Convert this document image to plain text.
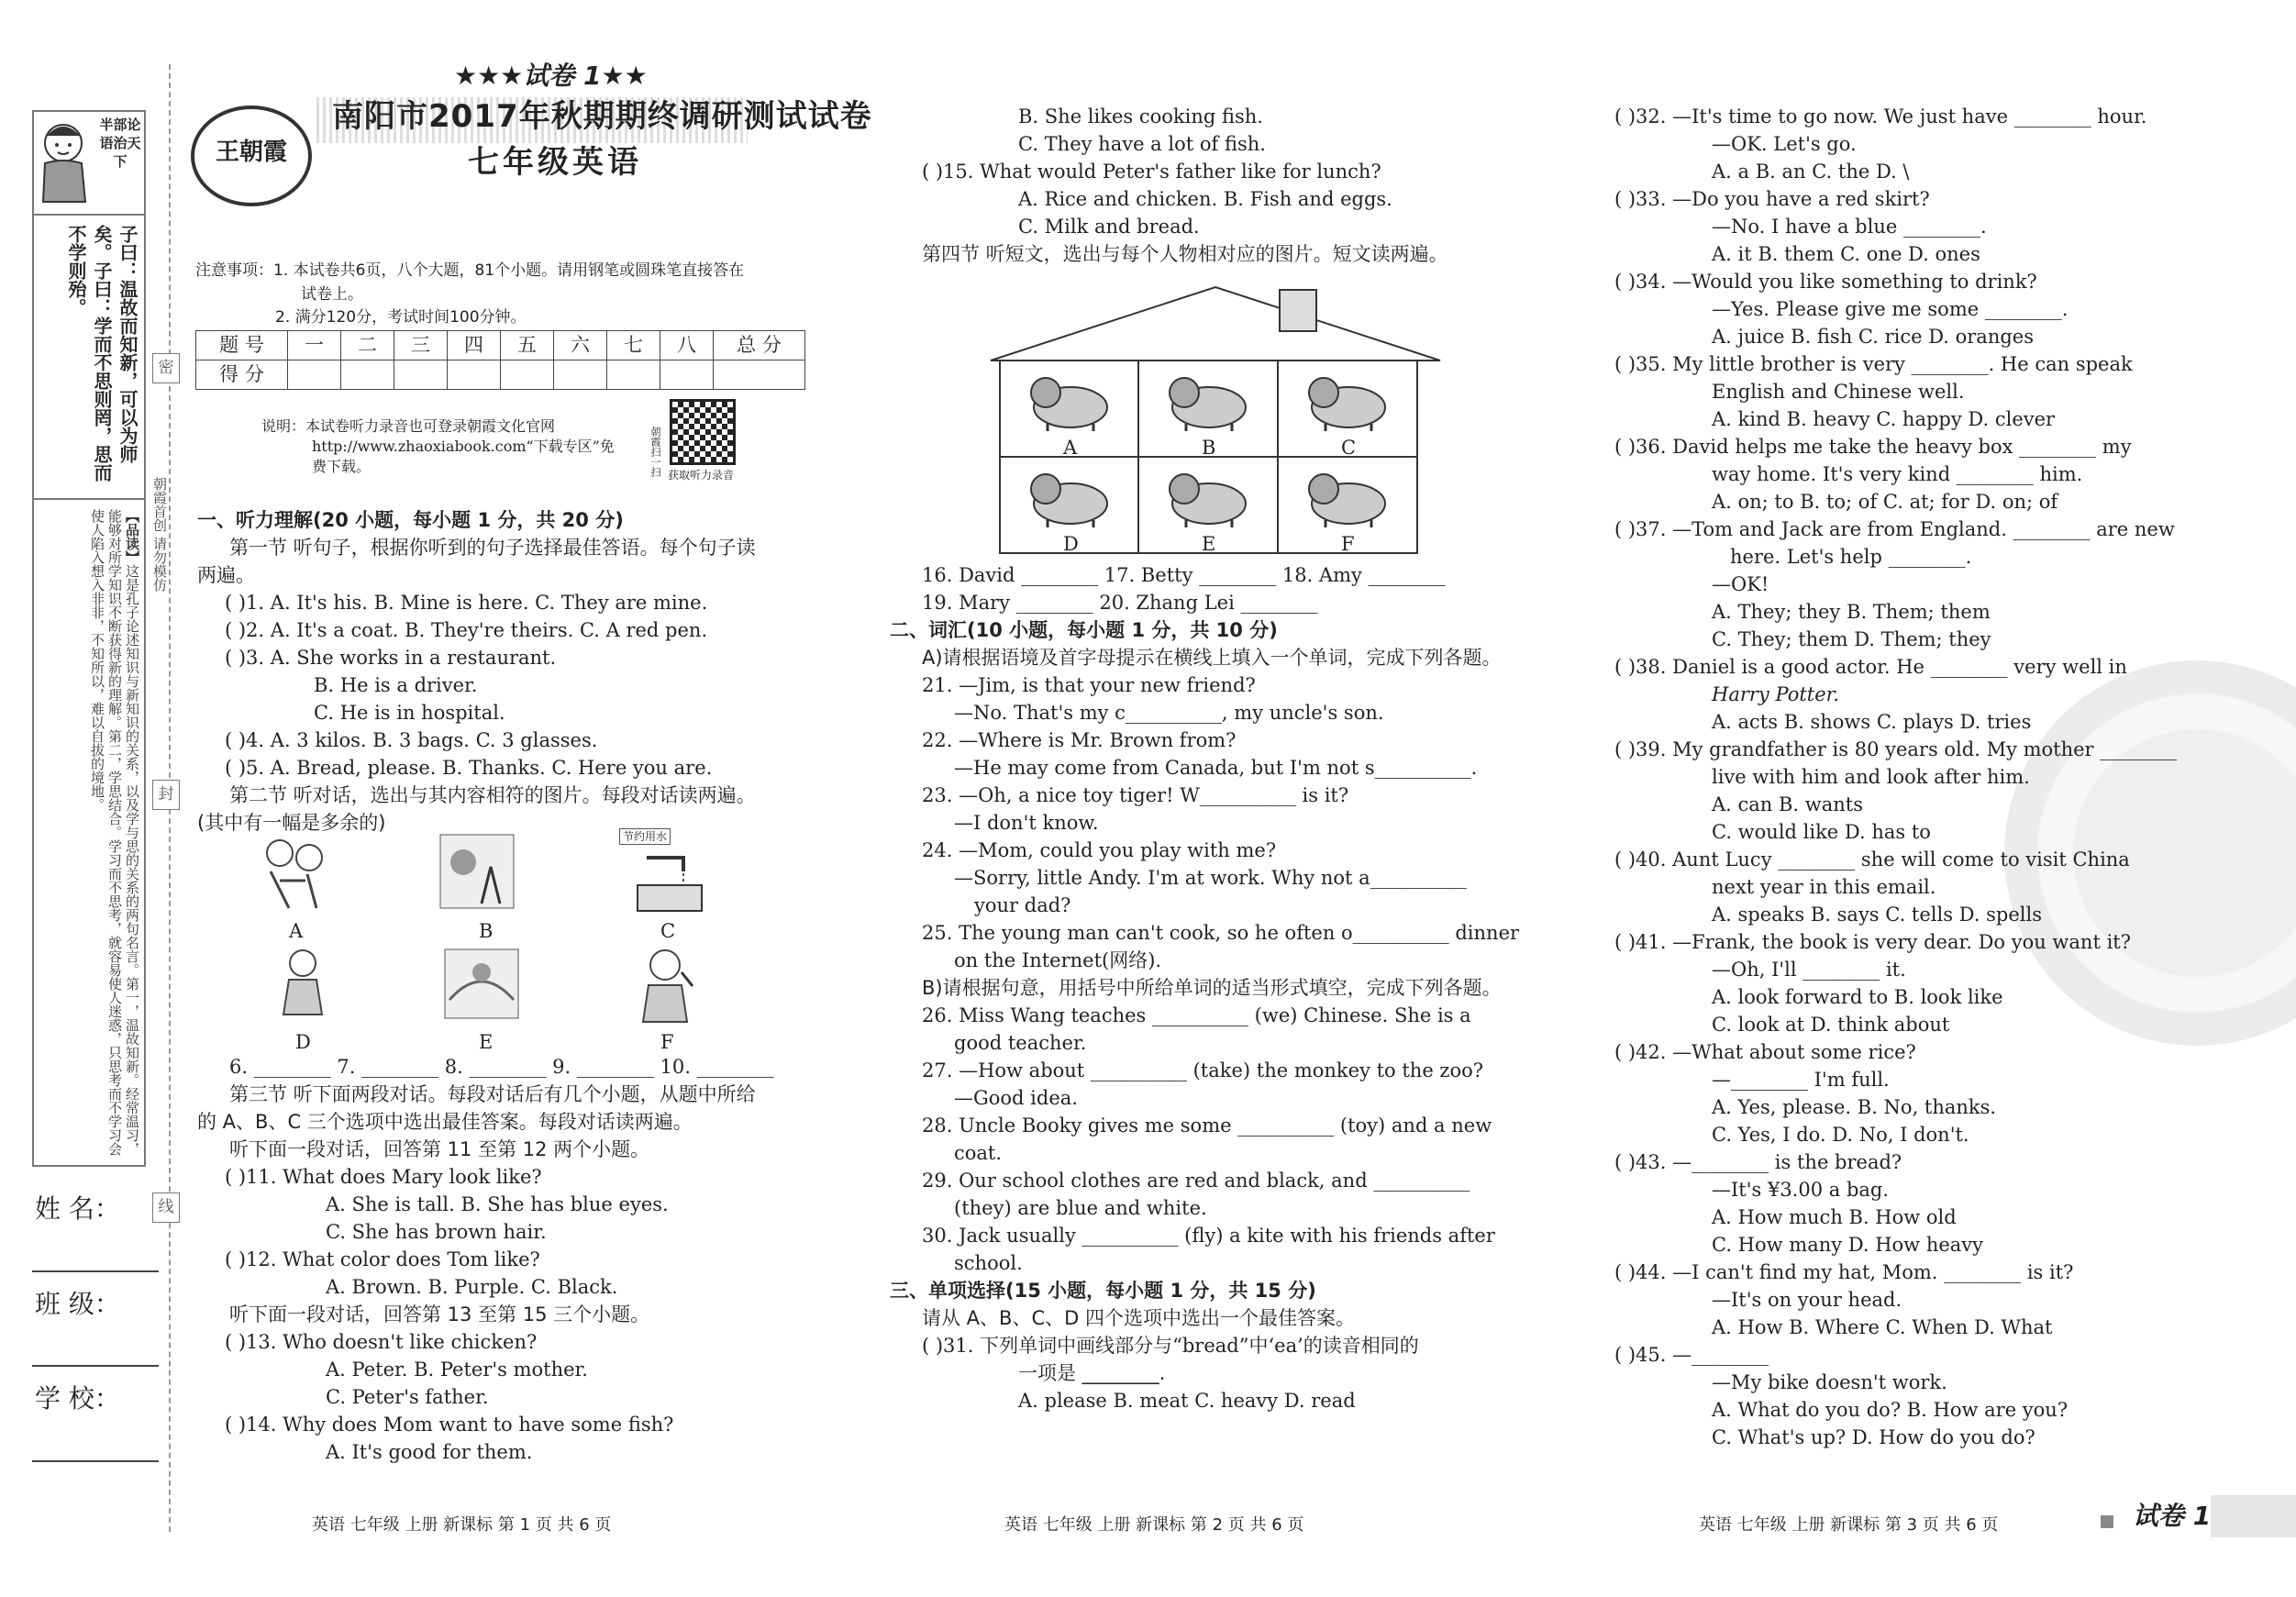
半部论语治天下
子曰：温故而知新，可以为师矣。子曰：学而不思则罔，思而不学则殆。
【品读】这是孔子论述知识与新知识的关系，以及学与思的关系的两句名言。第一，温故知新。经常温习，能够对所学知识不断获得新的理解。第二，学思结合。学习而不思考，就容易使人迷惑，只思考而不学习会使人陷入想入非非，不知所以，难以自拔的境地。
密
封
线
朝霞首创 请勿模仿
姓 名：
班 级：
学 校：
王朝霞
★★★试卷 1★★
南阳市2017年秋期期终调研测试试卷
七年级英语
注意事项：1. 本试卷共6页，八个大题，81个小题。请用钢笔或圆珠笔直接答在
试卷上。
2. 满分120分，考试时间100分钟。
题 号	一	二	三	四	五	六	七	八	总 分
得 分									
说明：本试卷听力录音也可登录朝霞文化官网
http://www.zhaoxiabook.com“下载专区”免
费下载。	朝霞扫一扫 获取听力录音
一、听力理解(20 小题，每小题 1 分，共 20 分)
第一节 听句子，根据你听到的句子选择最佳答语。每个句子读
两遍。
( )1. A. It's his. B. Mine is here. C. They are mine.
( )2. A. It's a coat. B. They're theirs. C. A red pen.
( )3. A. She works in a restaurant.
B. He is a driver.
C. He is in hospital.
( )4. A. 3 kilos. B. 3 bags. C. 3 glasses.
( )5. A. Bread, please. B. Thanks. C. Here you are.
第二节 听对话，选出与其内容相符的图片。每段对话读两遍。
(其中有一幅是多余的)
第三节 听下面两段对话。每段对话后有几个小题，从题中所给
的 A、B、C 三个选项中选出最佳答案。每段对话读两遍。
听下面一段对话，回答第 11 至第 12 两个小题。
( )11. What does Mary look like?
A. She is tall. B. She has blue eyes.
C. She has brown hair.
( )12. What color does Tom like?
A. Brown. B. Purple. C. Black.
听下面一段对话，回答第 13 至第 15 三个小题。
( )13. Who doesn't like chicken?
A. Peter. B. Peter's mother.
C. Peter's father.
( )14. Why does Mom want to have some fish?
A. It's good for them.
A	B
节约用水
C
D	E	F
6. ________ 7. ________ 8. ________ 9. ________ 10. ________
A	B	C
D	E	F
B. She likes cooking fish.
C. They have a lot of fish.
( )15. What would Peter's father like for lunch?
A. Rice and chicken. B. Fish and eggs.
C. Milk and bread.
第四节 听短文，选出与每个人物相对应的图片。短文读两遍。
16. David ________ 17. Betty ________ 18. Amy ________
19. Mary ________ 20. Zhang Lei ________
二、词汇(10 小题，每小题 1 分，共 10 分)
A)请根据语境及首字母提示在横线上填入一个单词，完成下列各题。
21. —Jim, is that your new friend?
—No. That's my c__________, my uncle's son.
22. —Where is Mr. Brown from?
—He may come from Canada, but I'm not s__________.
23. —Oh, a nice toy tiger! W__________ is it?
—I don't know.
24. —Mom, could you play with me?
—Sorry, little Andy. I'm at work. Why not a__________
your dad?
25. The young man can't cook, so he often o__________ dinner
on the Internet(网络).
B)请根据句意，用括号中所给单词的适当形式填空，完成下列各题。
26. Miss Wang teaches __________ (we) Chinese. She is a
good teacher.
27. —How about __________ (take) the monkey to the zoo?
—Good idea.
28. Uncle Booky gives me some __________ (toy) and a new
coat.
29. Our school clothes are red and black, and __________
(they) are blue and white.
30. Jack usually __________ (fly) a kite with his friends after
school.
三、单项选择(15 小题，每小题 1 分，共 15 分)
请从 A、B、C、D 四个选项中选出一个最佳答案。
( )31. 下列单词中画线部分与“bread”中‘ea’的读音相同的
一项是 ________.
A. please B. meat C. heavy D. read
( )32. —It's time to go now. We just have ________ hour.
—OK. Let's go.
A. a B. an C. the D. \
( )33. —Do you have a red skirt?
—No. I have a blue ________.
A. it B. them C. one D. ones
( )34. —Would you like something to drink?
—Yes. Please give me some ________.
A. juice B. fish C. rice D. oranges
( )35. My little brother is very ________. He can speak
English and Chinese well.
A. kind B. heavy C. happy D. clever
( )36. David helps me take the heavy box ________ my
way home. It's very kind ________ him.
A. on; to B. to; of C. at; for D. on; of
( )37. —Tom and Jack are from England. ________ are new
here. Let's help ________.
—OK!
A. They; they B. Them; them
C. They; them D. Them; they
( )38. Daniel is a good actor. He ________ very well in
Harry Potter.
A. acts B. shows C. plays D. tries
( )39. My grandfather is 80 years old. My mother ________
live with him and look after him.
A. can B. wants
C. would like D. has to
( )40. Aunt Lucy ________ she will come to visit China
next year in this email.
A. speaks B. says C. tells D. spells
( )41. —Frank, the book is very dear. Do you want it?
—Oh, I'll ________ it.
A. look forward to B. look like
C. look at D. think about
( )42. —What about some rice?
—________ I'm full.
A. Yes, please. B. No, thanks.
C. Yes, I do. D. No, I don't.
( )43. —________ is the bread?
—It's ¥3.00 a bag.
A. How much B. How old
C. How many D. How heavy
( )44. —I can't find my hat, Mom. ________ is it?
—It's on your head.
A. How B. Where C. When D. What
( )45. —________
—My bike doesn't work.
A. What do you do? B. How are you?
C. What's up? D. How do you do?
英语 七年级 上册 新课标 第 1 页 共 6 页	英语 七年级 上册 新课标 第 2 页 共 6 页	英语 七年级 上册 新课标 第 3 页 共 6 页	试卷 1
